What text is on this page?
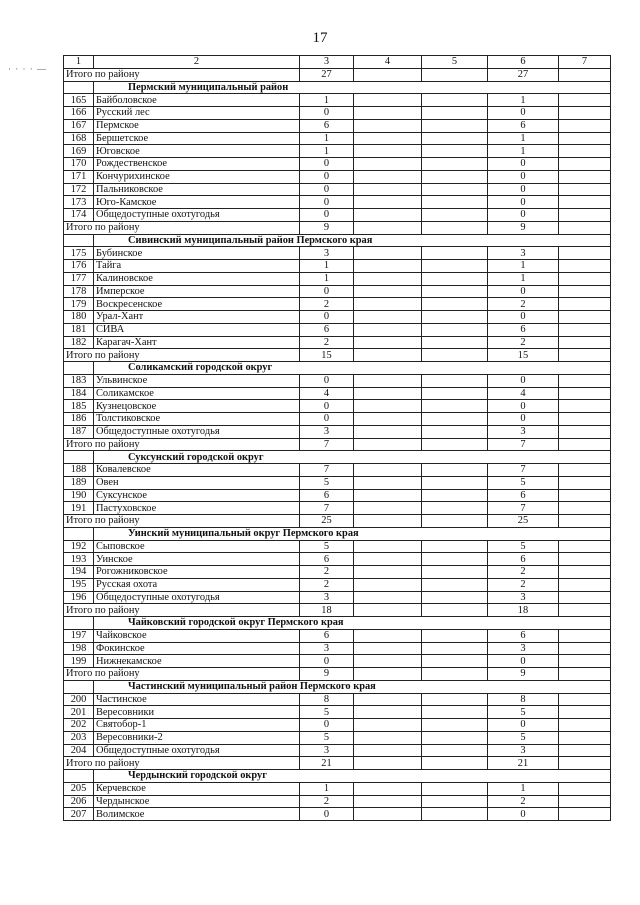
17
· · · · —
1	2	3	4	5	6	7
Итого по району		27			27	
	Пермский муниципальный район					
165	Байболовское	1			1	
166	Русский лес	0			0	
167	Пермское	6			6	
168	Бершетское	1			1	
169	Юговское	1			1	
170	Рождественское	0			0	
171	Кончурихинское	0			0	
172	Пальниковское	0			0	
173	Юго-Камское	0			0	
174	Общедоступные охотугодья	0			0	
Итого по району		9			9	
	Сивинский муниципальный район Пермского края					
175	Бубинское	3			3	
176	Тайга	1			1	
177	Калиновское	1			1	
178	Имперское	0			0	
179	Воскресенское	2			2	
180	Урал-Хант	0			0	
181	СИВА	6			6	
182	Карагач-Хант	2			2	
Итого по району		15			15	
	Соликамский городской округ					
183	Ульвинское	0			0	
184	Соликамское	4			4	
185	Кузнецовское	0			0	
186	Толстиковское	0			0	
187	Общедоступные охотугодья	3			3	
Итого по району		7			7	
	Суксунский городской округ					
188	Ковалевское	7			7	
189	Овен	5			5	
190	Суксунское	6			6	
191	Пастуховское	7			7	
Итого по району		25			25	
	Уинский муниципальный округ Пермского края					
192	Сыповское	5			5	
193	Уинское	6			6	
194	Рогожниковское	2			2	
195	Русская охота	2			2	
196	Общедоступные охотугодья	3			3	
Итого по району		18			18	
	Чайковский городской округ Пермского края					
197	Чайковское	6			6	
198	Фокинское	3			3	
199	Нижнекамское	0			0	
Итого по району		9			9	
	Частинский муниципальный район Пермского края					
200	Частинское	8			8	
201	Вересовники	5			5	
202	Святобор-1	0			0	
203	Вересовники-2	5			5	
204	Общедоступные охотугодья	3			3	
Итого по району		21			21	
	Чердынский городской округ					
205	Керчевское	1			1	
206	Чердынское	2			2	
207	Волимское	0			0	
